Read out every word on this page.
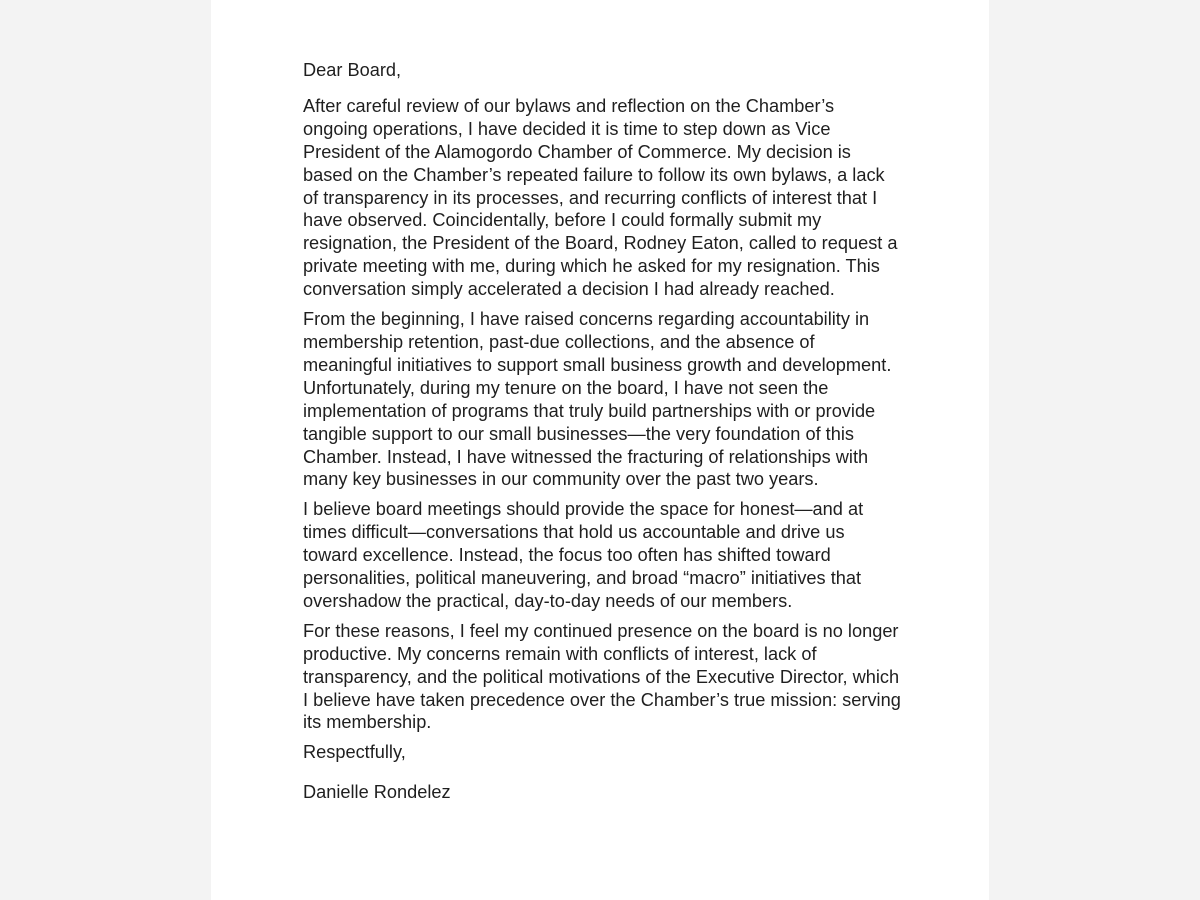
Dear Board,

After careful review of our bylaws and reflection on the Chamber’s ongoing operations, I have decided it is time to step down as Vice President of the Alamogordo Chamber of Commerce. My decision is based on the Chamber’s repeated failure to follow its own bylaws, a lack of transparency in its processes, and recurring conflicts of interest that I have observed. Coincidentally, before I could formally submit my resignation, the President of the Board, Rodney Eaton, called to request a private meeting with me, during which he asked for my resignation. This conversation simply accelerated a decision I had already reached.

From the beginning, I have raised concerns regarding accountability in membership retention, past-due collections, and the absence of meaningful initiatives to support small business growth and development. Unfortunately, during my tenure on the board, I have not seen the implementation of programs that truly build partnerships with or provide tangible support to our small businesses—the very foundation of this Chamber. Instead, I have witnessed the fracturing of relationships with many key businesses in our community over the past two years.

I believe board meetings should provide the space for honest—and at times difficult—conversations that hold us accountable and drive us toward excellence. Instead, the focus too often has shifted toward personalities, political maneuvering, and broad “macro” initiatives that overshadow the practical, day-to-day needs of our members.

For these reasons, I feel my continued presence on the board is no longer productive. My concerns remain with conflicts of interest, lack of transparency, and the political motivations of the Executive Director, which I believe have taken precedence over the Chamber’s true mission: serving its membership.

Respectfully,

Danielle Rondelez
